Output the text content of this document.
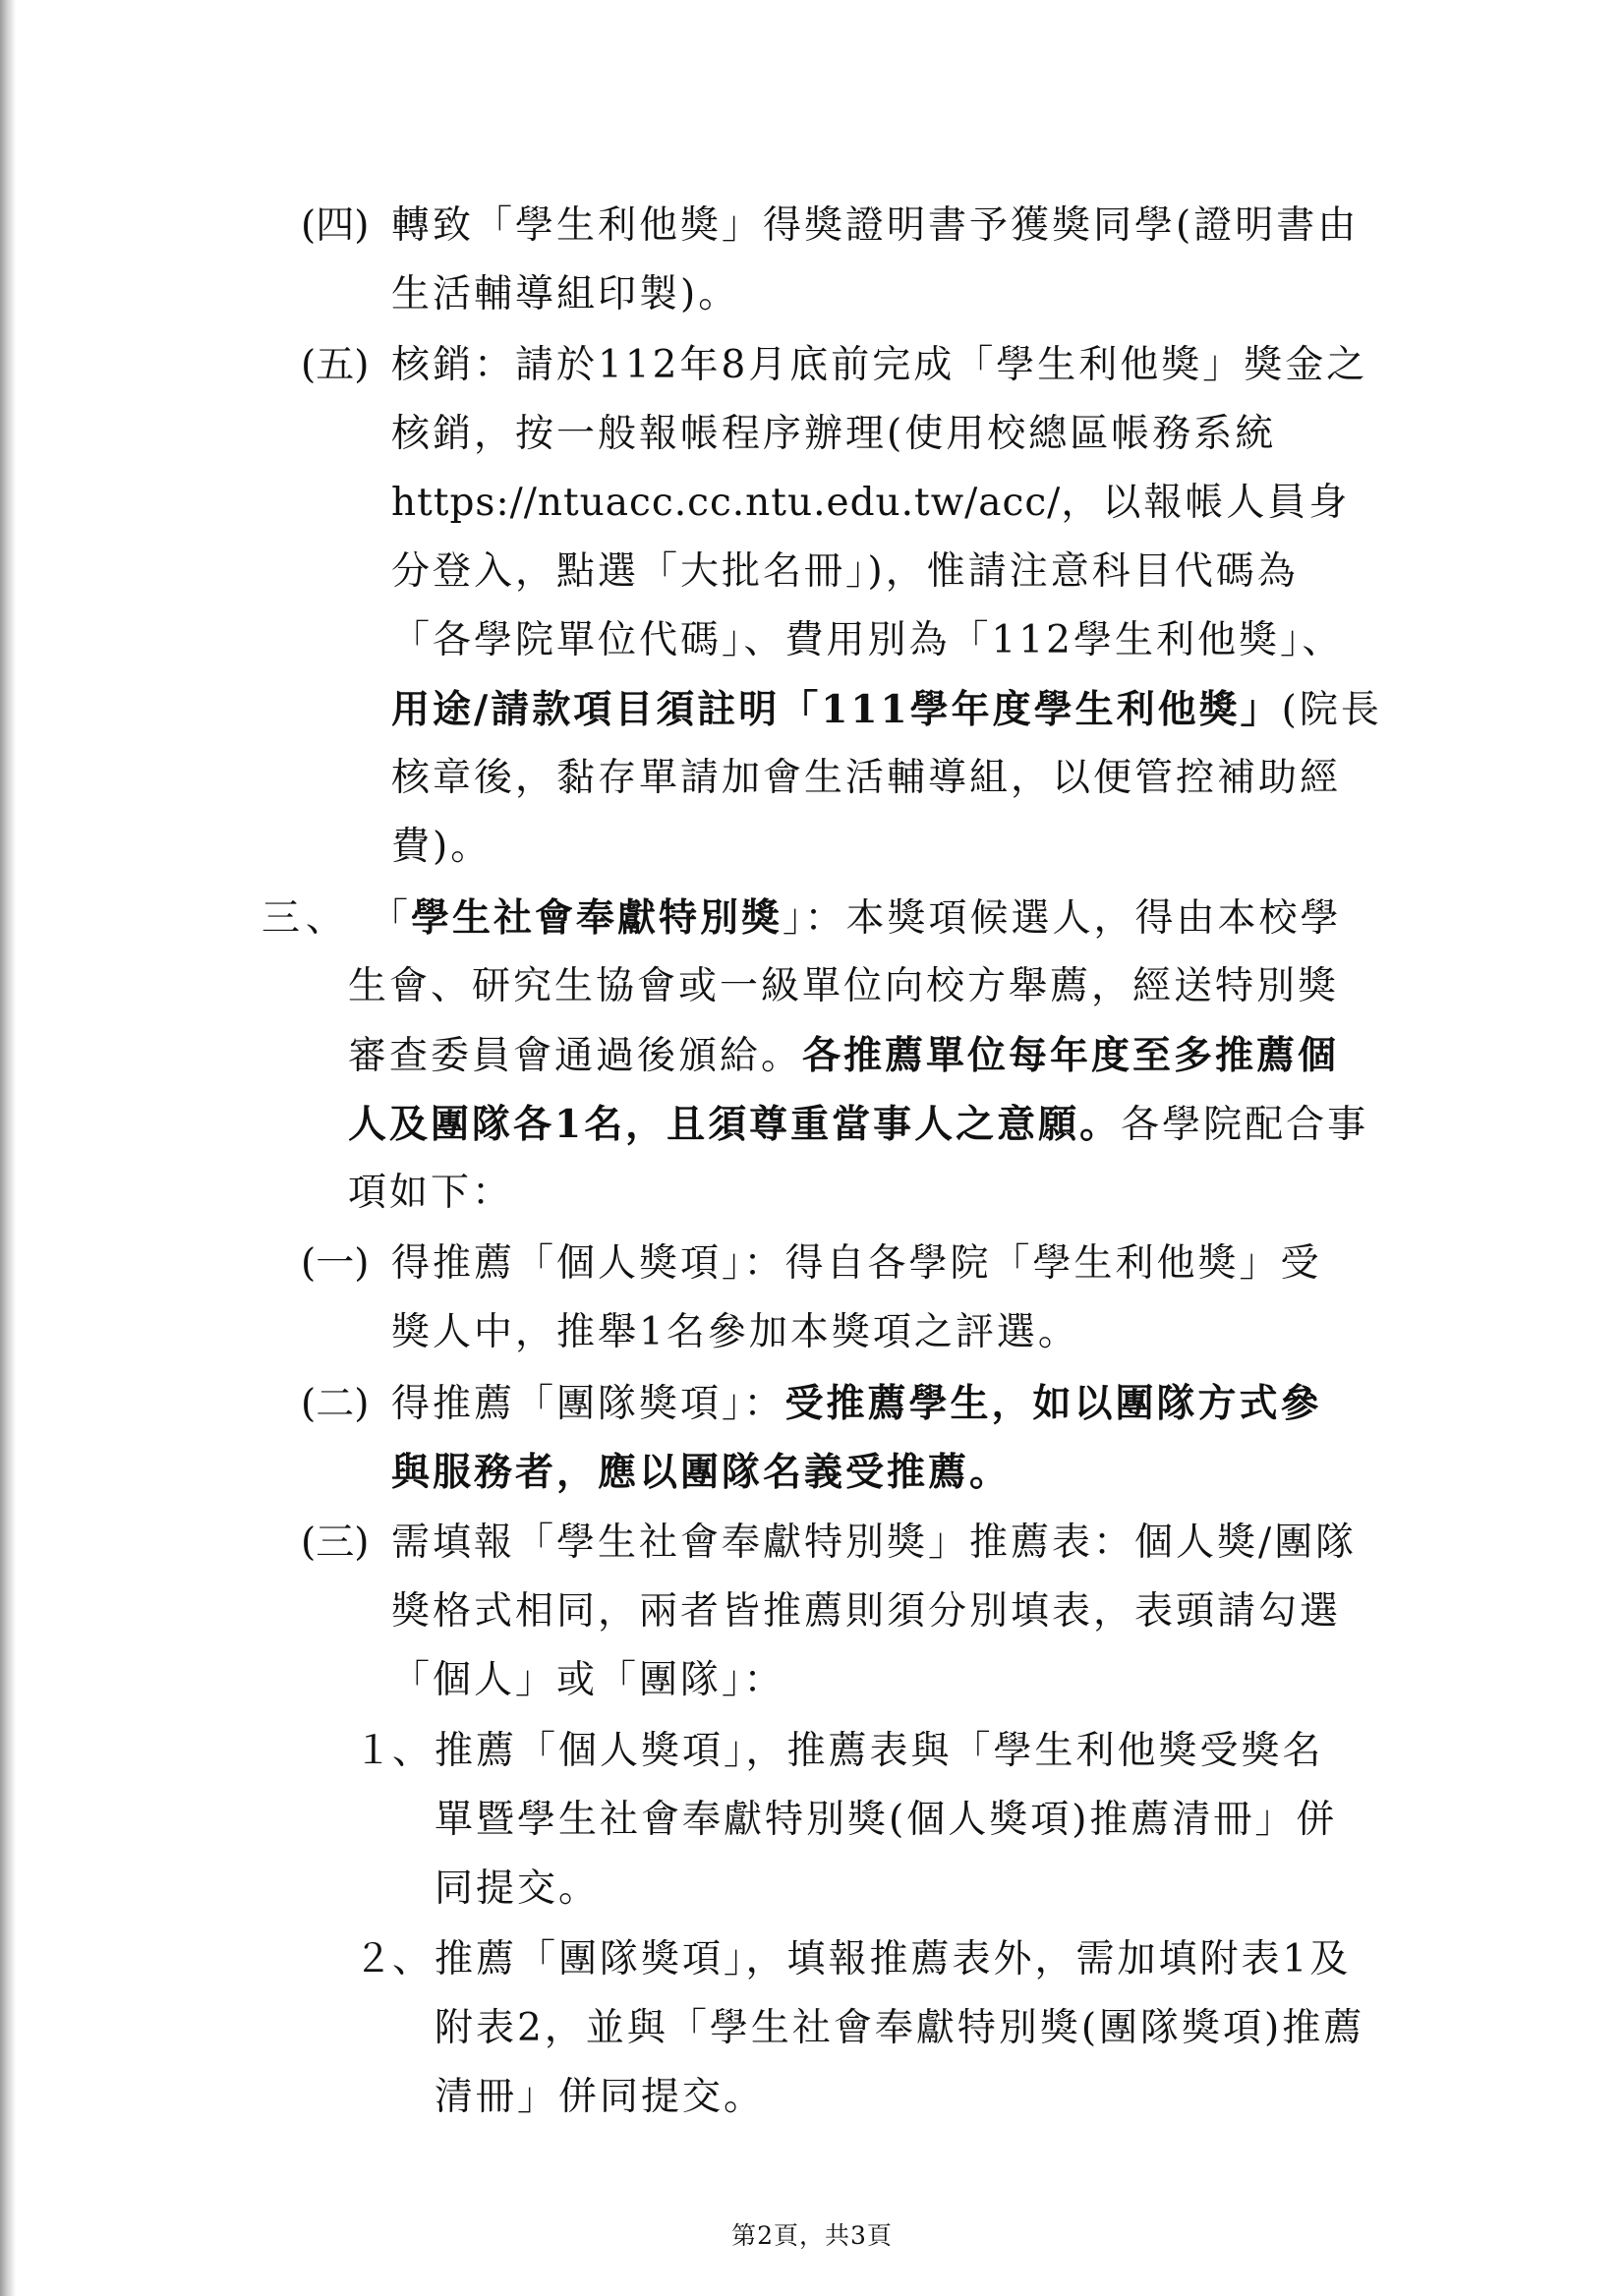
(四) 轉致「學生利他獎」得獎證明書予獲獎同學(證明書由
生活輔導組印製)。
(五) 核銷：請於112年8月底前完成「學生利他獎」獎金之
核銷，按一般報帳程序辦理(使用校總區帳務系統
https://ntuacc.cc.ntu.edu.tw/acc/，以報帳人員身
分登入，點選「大批名冊」)，惟請注意科目代碼為
「各學院單位代碼」、費用別為「112學生利他獎」、
用途/請款項目須註明「111學年度學生利他獎」(院長
核章後，黏存單請加會生活輔導組，以便管控補助經
費)。
三、 「學生社會奉獻特別獎」：本獎項候選人，得由本校學
生會、研究生協會或一級單位向校方舉薦，經送特別獎
審查委員會通過後頒給。各推薦單位每年度至多推薦個
人及團隊各1名，且須尊重當事人之意願。各學院配合事
項如下：
(一) 得推薦「個人獎項」：得自各學院「學生利他獎」受
獎人中，推舉1名參加本獎項之評選。
(二) 得推薦「團隊獎項」：受推薦學生，如以團隊方式參
與服務者，應以團隊名義受推薦。
(三) 需填報「學生社會奉獻特別獎」推薦表：個人獎/團隊
獎格式相同，兩者皆推薦則須分別填表，表頭請勾選
「個人」或「團隊」：
１、 推薦「個人獎項」，推薦表與「學生利他獎受獎名
單暨學生社會奉獻特別獎(個人獎項)推薦清冊」併
同提交。
２、 推薦「團隊獎項」，填報推薦表外，需加填附表1及
附表2，並與「學生社會奉獻特別獎(團隊獎項)推薦
清冊」併同提交。
第2頁，共3頁
